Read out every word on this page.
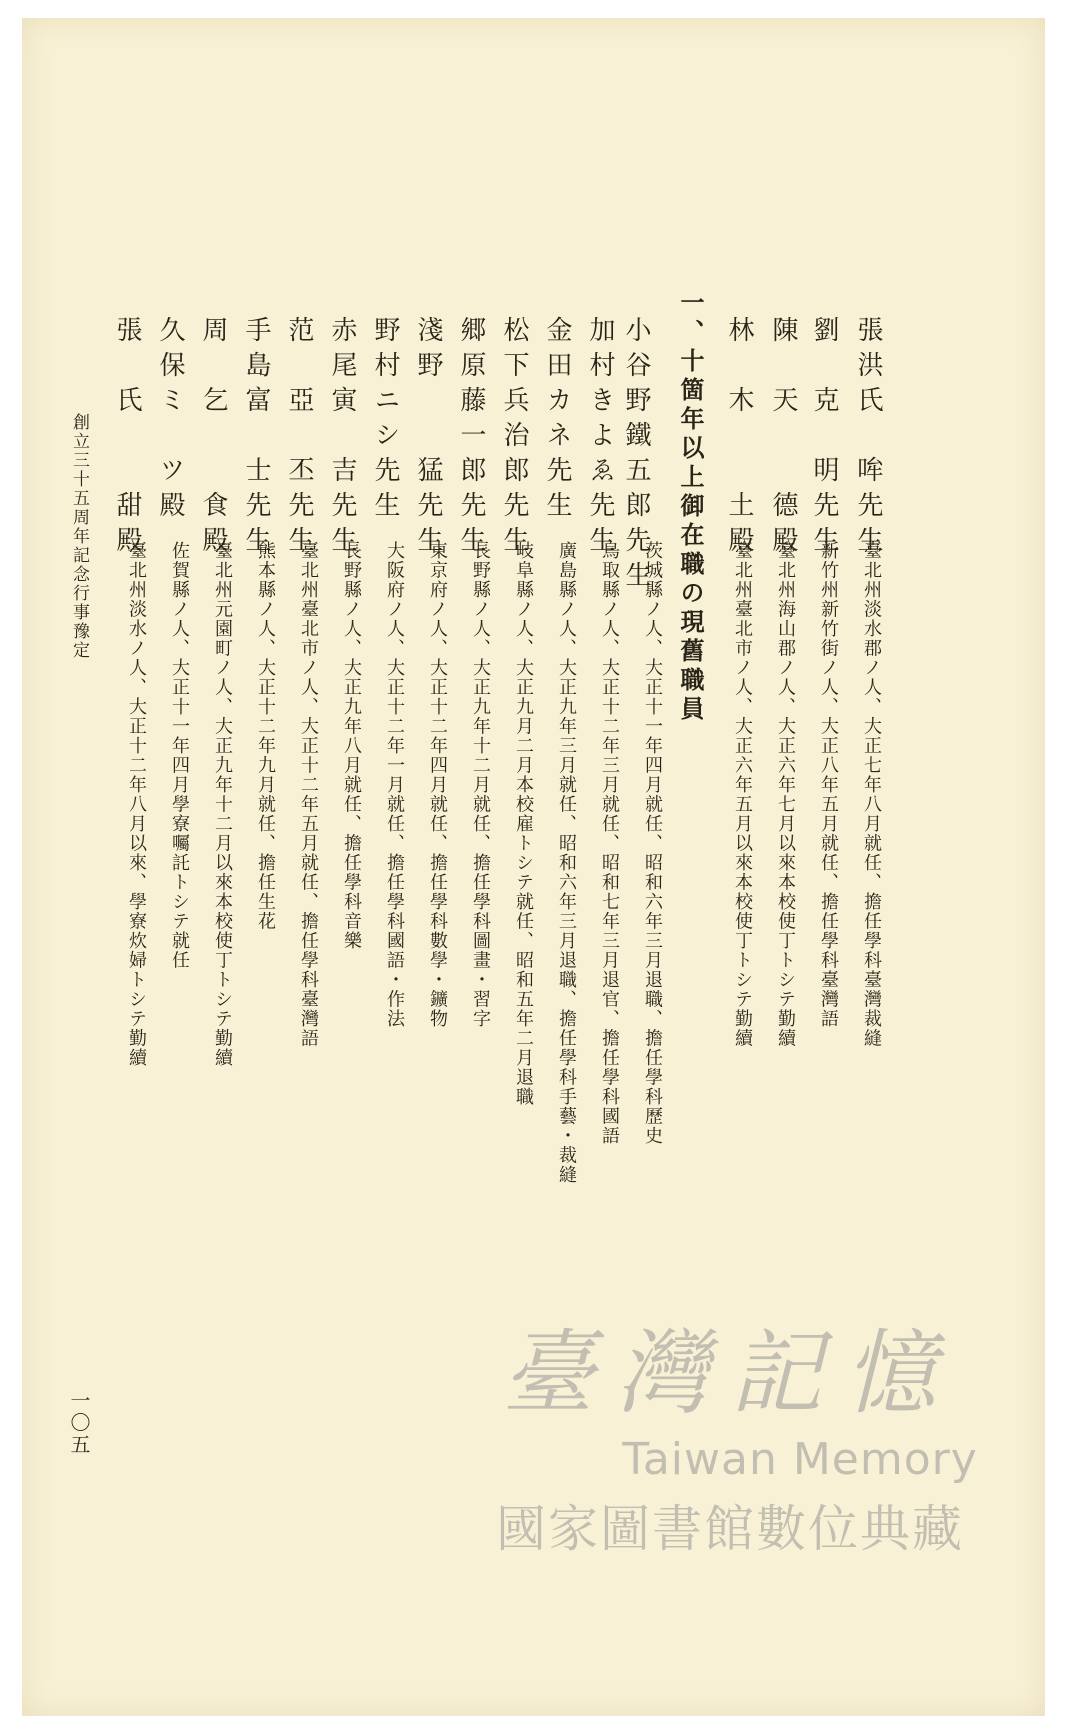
張洪氏　哞先生
臺北州淡水郡ノ人、大正七年八月就任、擔任學科臺灣裁縫
劉　克　明先生
新竹州新竹街ノ人、大正八年五月就任、擔任學科臺灣語
陳　天　　德殿
臺北州海山郡ノ人、大正六年七月以來本校使丁トシテ勤續
林　木　　土殿
臺北州臺北市ノ人、大正六年五月以來本校使丁トシテ勤續
一、十箇年以上御在職の現舊職員
小谷野鐵五郎先生
茨城縣ノ人、大正十一年四月就任、昭和六年三月退職、擔任學科歷史
加村きよゑ先生
鳥取縣ノ人、大正十二年三月就任、昭和七年三月退官、擔任學科國語
金田カネ先生
廣島縣ノ人、大正九年三月就任、昭和六年三月退職、擔任學科手藝・裁縫
松下兵治郎先生
岐阜縣ノ人、大正九月二月本校雇トシテ就任、昭和五年二月退職
郷原藤一郎先生
長野縣ノ人、大正九年十二月就任、擔任學科圖畫・習字
淺野　　猛先生
東京府ノ人、大正十二年四月就任、擔任學科數學・鑛物
野村ニシ先生
大阪府ノ人、大正十二年一月就任、擔任學科國語・作法
赤尾寅　吉先生
長野縣ノ人、大正九年八月就任、擔任學科音樂
范　亞　丕先生
臺北州臺北市ノ人、大正十二年五月就任、擔任學科臺灣語
手島富　士先生
熊本縣ノ人、大正十二年九月就任、擔任生花
周　乞　　食殿
臺北州元園町ノ人、大正九年十二月以來本校使丁トシテ勤續
久保ミ　ツ殿
佐賀縣ノ人、大正十一年四月學寮囑託トシテ就任
張　氏　　甜殿
臺北州淡水ノ人、大正十二年八月以來、學寮炊婦トシテ勤續
創立三十五周年記念行事豫定
一〇五	臺灣記憶
Taiwan Memory
國家圖書館數位典藏
